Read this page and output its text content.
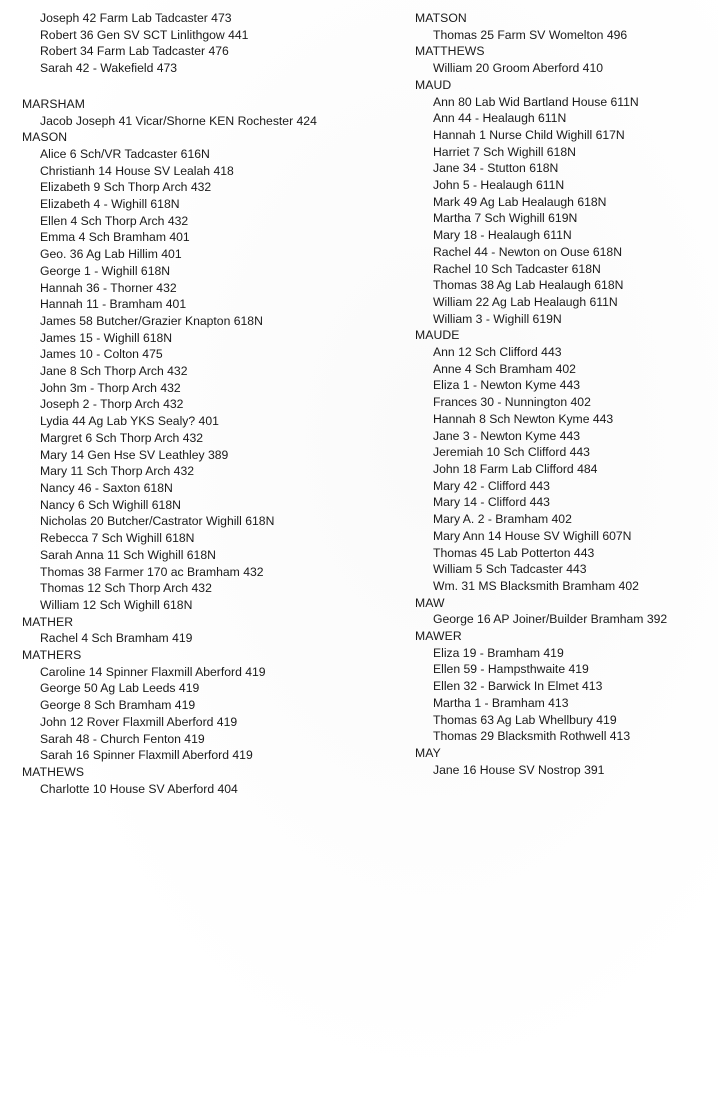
Joseph 42 Farm Lab Tadcaster 473
Robert 36 Gen SV SCT Linlithgow 441
Robert 34 Farm Lab Tadcaster 476
Sarah 42 - Wakefield 473
MARSHAM
Jacob Joseph 41 Vicar/Shorne KEN Rochester 424
MASON
Alice 6 Sch/VR Tadcaster 616N
Christianh 14 House SV Lealah 418
Elizabeth 9 Sch Thorp Arch 432
Elizabeth 4 - Wighill 618N
Ellen 4 Sch Thorp Arch 432
Emma 4 Sch Bramham 401
Geo. 36 Ag Lab Hillim 401
George 1 - Wighill 618N
Hannah 36 - Thorner 432
Hannah 11 - Bramham 401
James 58 Butcher/Grazier Knapton 618N
James 15 - Wighill 618N
James 10 - Colton 475
Jane 8 Sch Thorp Arch 432
John 3m - Thorp Arch 432
Joseph 2 - Thorp Arch 432
Lydia 44 Ag Lab YKS Sealy? 401
Margret 6 Sch Thorp Arch 432
Mary 14 Gen Hse SV Leathley 389
Mary 11 Sch Thorp Arch 432
Nancy 46 - Saxton 618N
Nancy 6 Sch Wighill 618N
Nicholas 20 Butcher/Castrator Wighill 618N
Rebecca 7 Sch Wighill 618N
Sarah Anna 11 Sch Wighill 618N
Thomas 38 Farmer 170 ac Bramham 432
Thomas 12 Sch Thorp Arch 432
William 12 Sch Wighill 618N
MATHER
Rachel 4 Sch Bramham 419
MATHERS
Caroline 14 Spinner Flaxmill Aberford 419
George 50 Ag Lab Leeds 419
George 8 Sch Bramham 419
John 12 Rover Flaxmill Aberford 419
Sarah 48 - Church Fenton 419
Sarah 16 Spinner Flaxmill Aberford 419
MATHEWS
Charlotte 10 House SV Aberford 404
MATSON
Thomas 25 Farm SV Womelton 496
MATTHEWS
William 20 Groom Aberford 410
MAUD
Ann 80 Lab Wid Bartland House 611N
Ann 44 - Healaugh 611N
Hannah 1 Nurse Child Wighill 617N
Harriet 7 Sch Wighill 618N
Jane 34 - Stutton 618N
John 5 - Healaugh 611N
Mark 49 Ag Lab Healaugh 618N
Martha 7 Sch Wighill 619N
Mary 18 - Healaugh 611N
Rachel 44 - Newton on Ouse 618N
Rachel 10 Sch Tadcaster 618N
Thomas 38 Ag Lab Healaugh 618N
William 22 Ag Lab Healaugh 611N
William 3 - Wighill 619N
MAUDE
Ann 12 Sch Clifford 443
Anne 4 Sch Bramham 402
Eliza 1 - Newton Kyme 443
Frances 30 - Nunnington 402
Hannah 8 Sch Newton Kyme 443
Jane 3 - Newton Kyme 443
Jeremiah 10 Sch Clifford 443
John 18 Farm Lab Clifford 484
Mary 42 - Clifford 443
Mary 14 - Clifford 443
Mary A. 2 - Bramham 402
Mary Ann 14 House SV Wighill 607N
Thomas 45 Lab Potterton 443
William 5 Sch Tadcaster 443
Wm. 31 MS Blacksmith Bramham 402
MAW
George 16 AP Joiner/Builder Bramham 392
MAWER
Eliza 19 - Bramham 419
Ellen 59 - Hampsthwaite 419
Ellen 32 - Barwick In Elmet 413
Martha 1 - Bramham 413
Thomas 63 Ag Lab Whellbury 419
Thomas 29 Blacksmith Rothwell 413
MAY
Jane 16 House SV Nostrop 391
